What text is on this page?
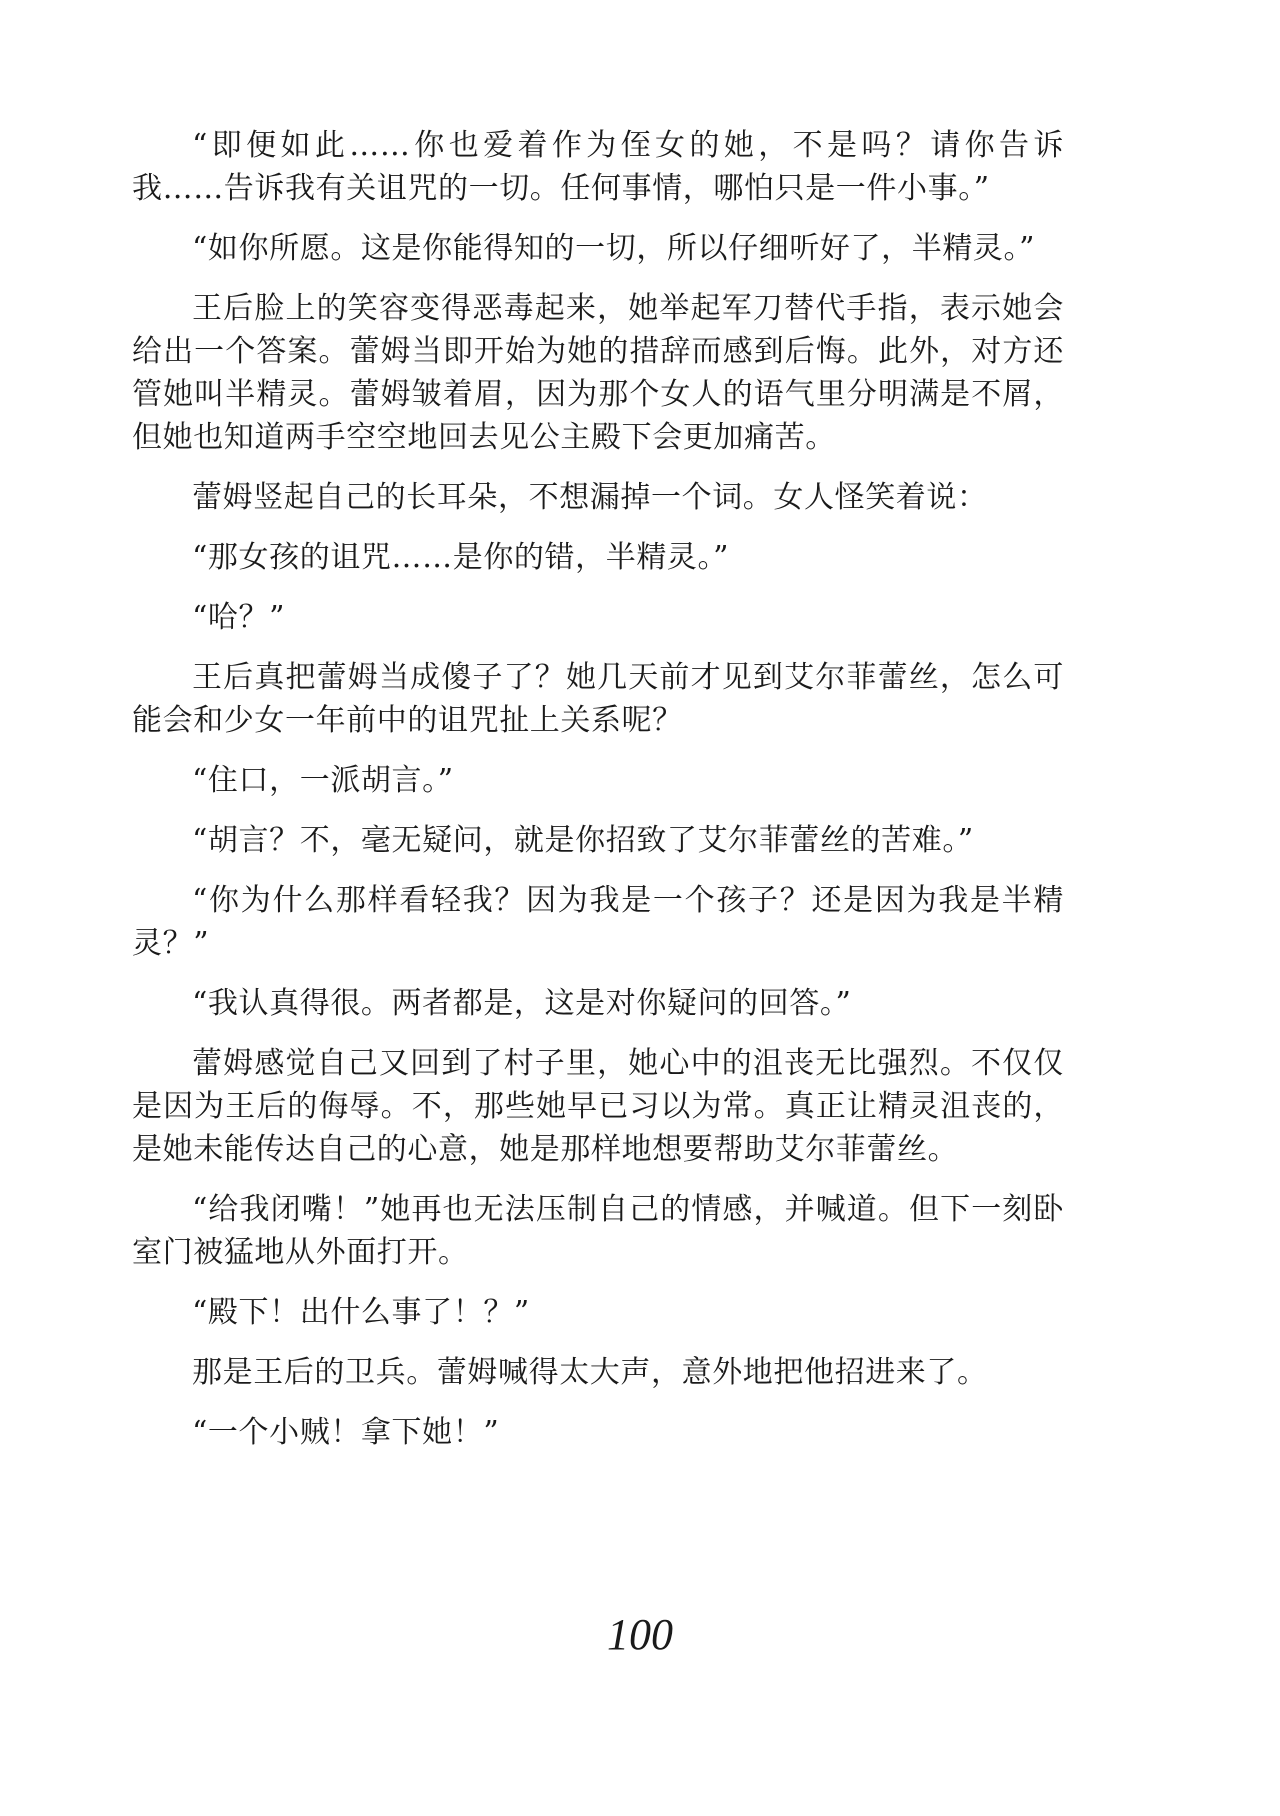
“即便如此……你也爱着作为侄女的她，不是吗？请你告诉我……告诉我有关诅咒的一切。任何事情，哪怕只是一件小事。”

“如你所愿。这是你能得知的一切，所以仔细听好了，半精灵。”

王后脸上的笑容变得恶毒起来，她举起军刀替代手指，表示她会给出一个答案。蕾姆当即开始为她的措辞而感到后悔。此外，对方还管她叫半精灵。蕾姆皱着眉，因为那个女人的语气里分明满是不屑，但她也知道两手空空地回去见公主殿下会更加痛苦。

蕾姆竖起自己的长耳朵，不想漏掉一个词。女人怪笑着说：

“那女孩的诅咒……是你的错，半精灵。”

“哈？”

王后真把蕾姆当成傻子了？她几天前才见到艾尔菲蕾丝，怎么可能会和少女一年前中的诅咒扯上关系呢？

“住口，一派胡言。”

“胡言？不，毫无疑问，就是你招致了艾尔菲蕾丝的苦难。”

“你为什么那样看轻我？因为我是一个孩子？还是因为我是半精灵？”

“我认真得很。两者都是，这是对你疑问的回答。”

蕾姆感觉自己又回到了村子里，她心中的沮丧无比强烈。不仅仅是因为王后的侮辱。不，那些她早已习以为常。真正让精灵沮丧的，是她未能传达自己的心意，她是那样地想要帮助艾尔菲蕾丝。

“给我闭嘴！”她再也无法压制自己的情感，并喊道。但下一刻卧室门被猛地从外面打开。

“殿下！出什么事了！？”

那是王后的卫兵。蕾姆喊得太大声，意外地把他招进来了。

“一个小贼！拿下她！”

100
